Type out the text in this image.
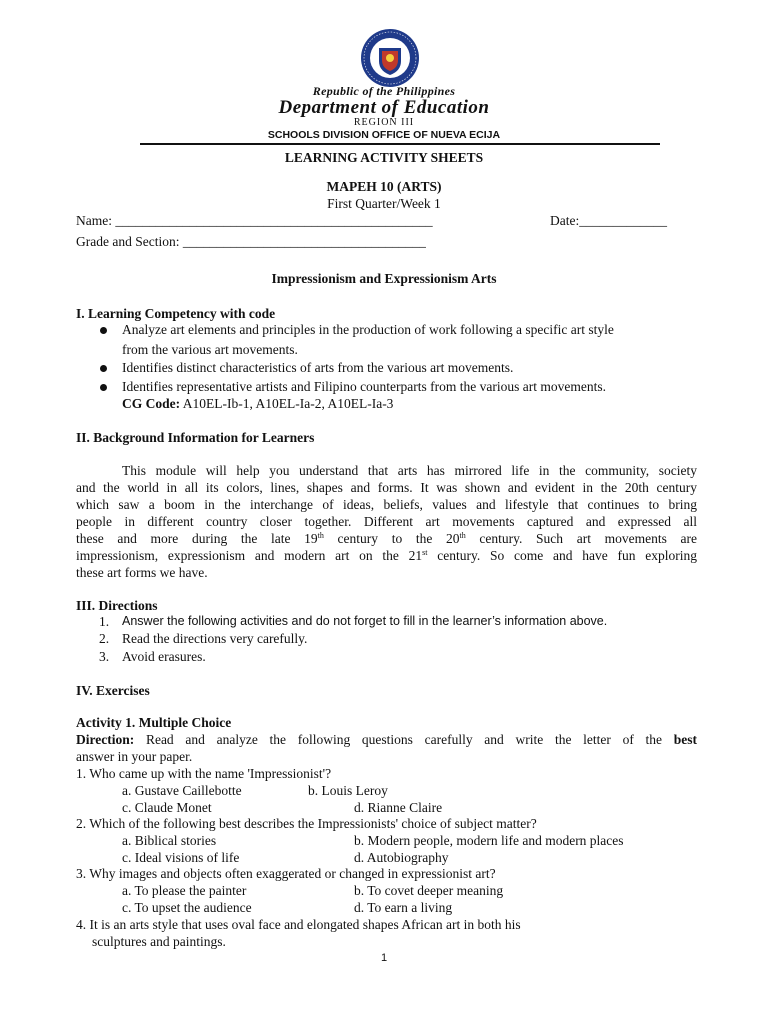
Republic of the Philippines
Department of Education
REGION III
SCHOOLS DIVISION OFFICE OF NUEVA ECIJA
LEARNING ACTIVITY SHEETS
MAPEH 10 (ARTS)
First Quarter/Week 1
Name: _______________________________________________	Date:_____________
Grade and Section: ____________________________________
Impressionism and Expressionism Arts
I. Learning Competency with code
Analyze art elements and principles in the production of work following a specific art style
from the various art movements.
Identifies distinct characteristics of arts from the various art movements.
Identifies representative artists and Filipino counterparts from the various art movements.
CG Code: A10EL-Ib-1, A10EL-Ia-2, A10EL-Ia-3
II. Background Information for Learners
This module will help you understand that arts has mirrored life in the community, society
and the world in all its colors, lines, shapes and forms. It was shown and evident in the 20th century
which saw a boom in the interchange of ideas, beliefs, values and lifestyle that continues to bring
people in different country closer together. Different art movements captured and expressed all
these and more during the late 19th century to the 20th century. Such art movements are
impressionism, expressionism and modern art on the 21st century. So come and have fun exploring
these art forms we have.
III. Directions
1. Answer the following activities and do not forget to fill in the learner’s information above.
2. Read the directions very carefully.
3. Avoid erasures.
IV. Exercises
Activity 1. Multiple Choice
Direction: Read and analyze the following questions carefully and write the letter of the best
answer in your paper.
1. Who came up with the name 'Impressionist'?
a. Gustave Caillebotte	b. Louis Leroy
c. Claude Monet	d. Rianne Claire
2. Which of the following best describes the Impressionists' choice of subject matter?
a. Biblical stories	b. Modern people, modern life and modern places
c. Ideal visions of life	d. Autobiography
3. Why images and objects often exaggerated or changed in expressionist art?
a. To please the painter	b. To covet deeper meaning
c. To upset the audience	d. To earn a living
4. It is an arts style that uses oval face and elongated shapes African art in both his
sculptures and paintings.
1
